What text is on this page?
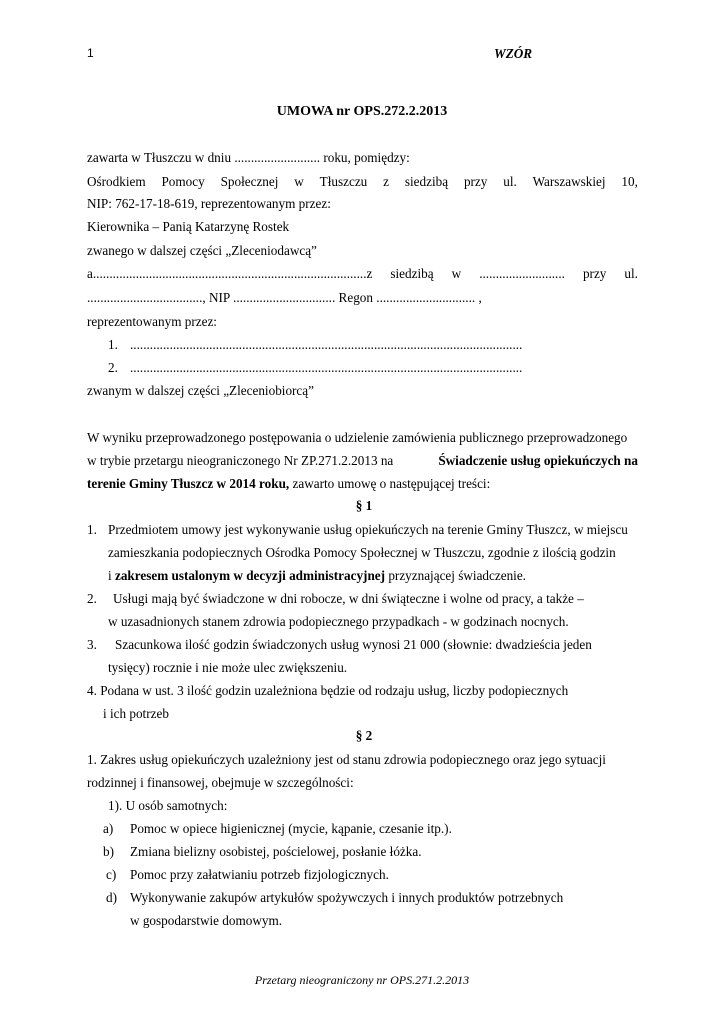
1	WZÓR
UMOWA nr OPS.272.2.2013
zawarta w Tłuszczu w dniu .......................... roku, pomiędzy:
Ośrodkiem Pomocy Społecznej w Tłuszczu z siedzibą przy ul. Warszawskiej 10,
NIP: 762-17-18-619, reprezentowanym przez:
Kierownika – Panią Katarzynę Rostek
zwanego w dalszej części „Zleceniodawcą”
a...................................................................................z siedzibą w .......................... przy ul.
..................................., NIP ............................... Regon .............................. ,
reprezentowanym przez:
1. .......................................................................................................................
2. .......................................................................................................................
zwanym w dalszej części „Zleceniobiorcą”
W wyniku przeprowadzonego postępowania o udzielenie zamówienia publicznego przeprowadzonego
w trybie przetargu nieograniczonego Nr ZP.271.2.2013 na	Świadczenie usług opiekuńczych na
terenie Gminy Tłuszcz w 2014 roku, zawarto umowę o następującej treści:
§ 1
1. Przedmiotem umowy jest wykonywanie usług opiekuńczych na terenie Gminy Tłuszcz, w miejscu
zamieszkania podopiecznych Ośrodka Pomocy Społecznej w Tłuszczu, zgodnie z ilością godzin
i zakresem ustalonym w decyzji administracyjnej przyznającej świadczenie.
2. Usługi mają być świadczone w dni robocze, w dni świąteczne i wolne od pracy, a także –
w uzasadnionych stanem zdrowia podopiecznego przypadkach - w godzinach nocnych.
3. Szacunkowa ilość godzin świadczonych usług wynosi 21 000 (słownie: dwadzieścia jeden
tysięcy) rocznie i nie może ulec zwiększeniu.
4. Podana w ust. 3 ilość godzin uzależniona będzie od rodzaju usług, liczby podopiecznych
i ich potrzeb
§ 2
1. Zakres usług opiekuńczych uzależniony jest od stanu zdrowia podopiecznego oraz jego sytuacji
rodzinnej i finansowej, obejmuje w szczególności:
1). U osób samotnych:
a) Pomoc w opiece higienicznej (mycie, kąpanie, czesanie itp.).
b) Zmiana bielizny osobistej, pościelowej, posłanie łóżka.
c) Pomoc przy załatwianiu potrzeb fizjologicznych.
d) Wykonywanie zakupów artykułów spożywczych i innych produktów potrzebnych
w gospodarstwie domowym.
Przetarg nieograniczony nr OPS.271.2.2013
